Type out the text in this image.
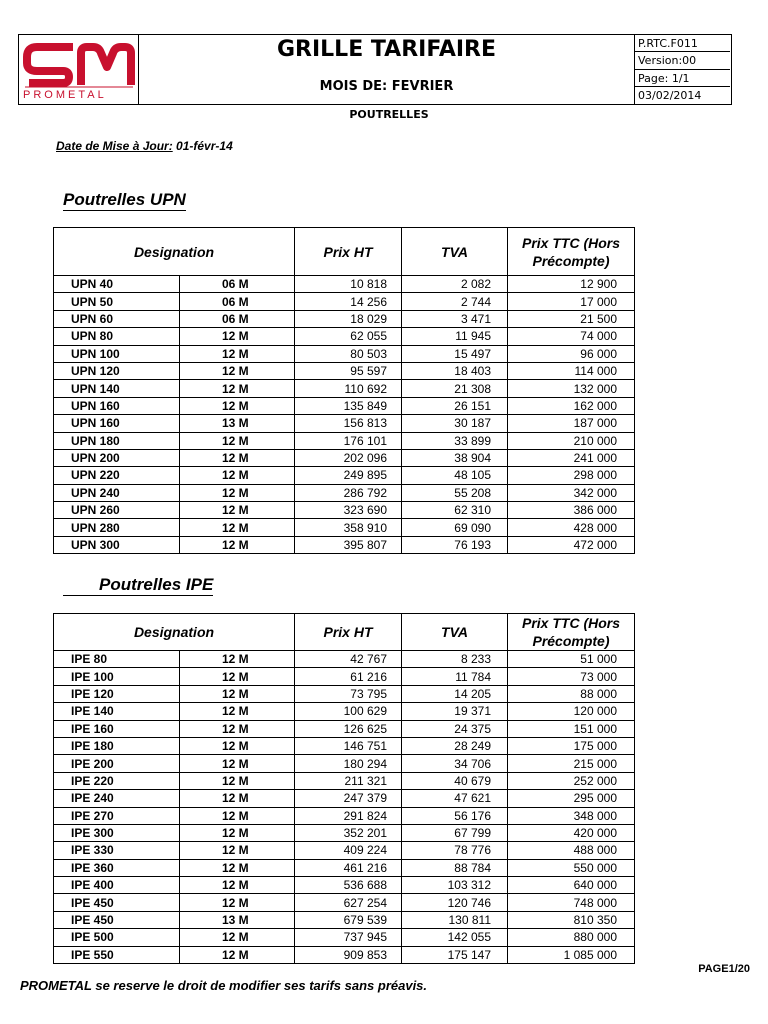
PROMETAL
GRILLE TARIFAIRE
MOIS DE: FEVRIER
P.RTC.F011
Version:00
Page: 1/1
03/02/2014
POUTRELLES
Date de Mise à Jour: 01-févr-14
Poutrelles UPN
Designation		Prix HT	TVA	Prix TTC (Hors Précompte)
UPN 40	06 M	10 818	2 082	12 900
UPN 50	06 M	14 256	2 744	17 000
UPN 60	06 M	18 029	3 471	21 500
UPN 80	12 M	62 055	11 945	74 000
UPN 100	12 M	80 503	15 497	96 000
UPN 120	12 M	95 597	18 403	114 000
UPN 140	12 M	110 692	21 308	132 000
UPN 160	12 M	135 849	26 151	162 000
UPN 160	13 M	156 813	30 187	187 000
UPN 180	12 M	176 101	33 899	210 000
UPN 200	12 M	202 096	38 904	241 000
UPN 220	12 M	249 895	48 105	298 000
UPN 240	12 M	286 792	55 208	342 000
UPN 260	12 M	323 690	62 310	386 000
UPN 280	12 M	358 910	69 090	428 000
UPN 300	12 M	395 807	76 193	472 000
Poutrelles IPE
Designation		Prix HT	TVA	Prix TTC (Hors Précompte)
IPE 80	12 M	42 767	8 233	51 000
IPE 100	12 M	61 216	11 784	73 000
IPE 120	12 M	73 795	14 205	88 000
IPE 140	12 M	100 629	19 371	120 000
IPE 160	12 M	126 625	24 375	151 000
IPE 180	12 M	146 751	28 249	175 000
IPE 200	12 M	180 294	34 706	215 000
IPE 220	12 M	211 321	40 679	252 000
IPE 240	12 M	247 379	47 621	295 000
IPE 270	12 M	291 824	56 176	348 000
IPE 300	12 M	352 201	67 799	420 000
IPE 330	12 M	409 224	78 776	488 000
IPE 360	12 M	461 216	88 784	550 000
IPE 400	12 M	536 688	103 312	640 000
IPE 450	12 M	627 254	120 746	748 000
IPE 450	13 M	679 539	130 811	810 350
IPE 500	12 M	737 945	142 055	880 000
IPE 550	12 M	909 853	175 147	1 085 000
PAGE1/20
PROMETAL se reserve le droit de modifier ses tarifs sans préavis.
